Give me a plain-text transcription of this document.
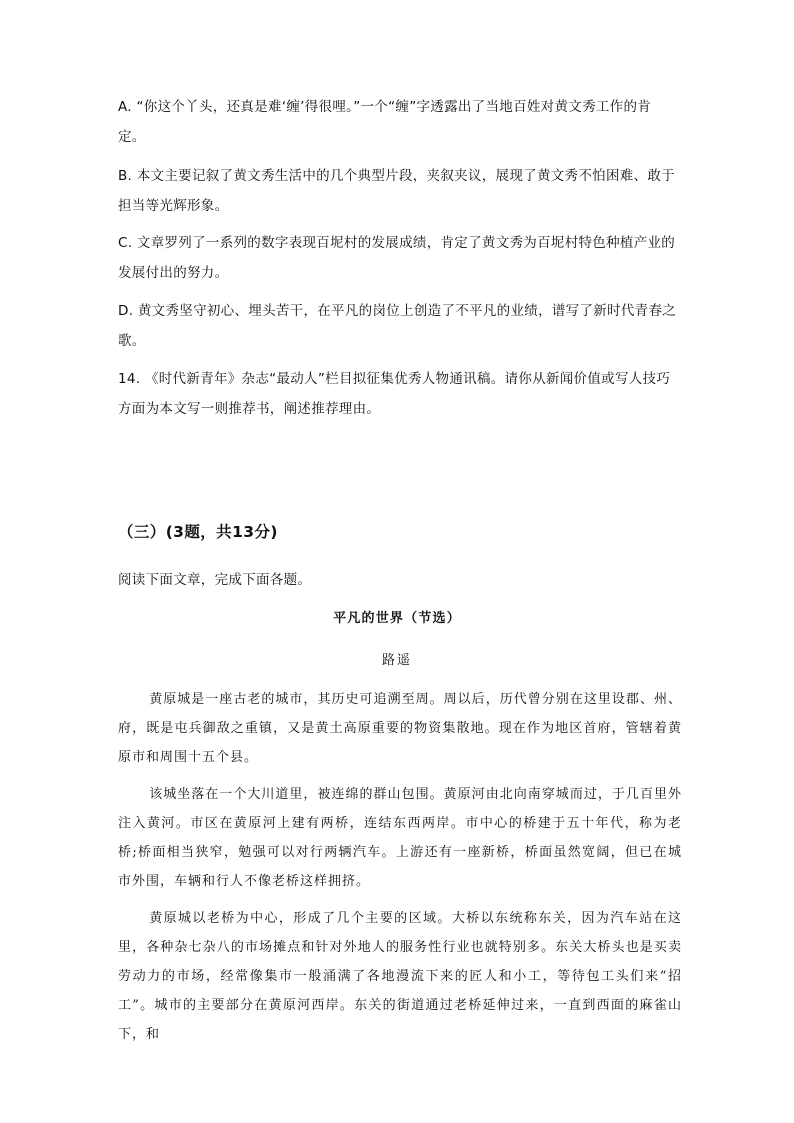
A. “你这个丫头，还真是难‘缠’得很哩。”一个“缠”字透露出了当地百姓对黄文秀工作的肯定。

B. 本文主要记叙了黄文秀生活中的几个典型片段，夹叙夹议，展现了黄文秀不怕困难、敢于担当等光辉形象。

C. 文章罗列了一系列的数字表现百坭村的发展成绩，肯定了黄文秀为百坭村特色种植产业的发展付出的努力。

D. 黄文秀坚守初心、埋头苦干，在平凡的岗位上创造了不平凡的业绩，谱写了新时代青春之歌。

14. 《时代新青年》杂志“最动人”栏目拟征集优秀人物通讯稿。请你从新闻价值或写人技巧方面为本文写一则推荐书，阐述推荐理由。

（三）(3题，共13分)

阅读下面文章，完成下面各题。

平凡的世界（节选）

路遥

黄原城是一座古老的城市，其历史可追溯至周。周以后，历代曾分别在这里设郡、州、府，既是屯兵御敌之重镇，又是黄土高原重要的物资集散地。现在作为地区首府，管辖着黄原市和周围十五个县。

该城坐落在一个大川道里，被连绵的群山包围。黄原河由北向南穿城而过，于几百里外注入黄河。市区在黄原河上建有两桥，连结东西两岸。市中心的桥建于五十年代，称为老桥;桥面相当狭窄，勉强可以对行两辆汽车。上游还有一座新桥，桥面虽然宽阔，但已在城市外围，车辆和行人不像老桥这样拥挤。

黄原城以老桥为中心，形成了几个主要的区域。大桥以东统称东关，因为汽车站在这里，各种杂七杂八的市场摊点和针对外地人的服务性行业也就特别多。东关大桥头也是买卖劳动力的市场，经常像集市一般涌满了各地漫流下来的匠人和小工，等待包工头们来“招工”。城市的主要部分在黄原河西岸。东关的街道通过老桥延伸过来，一直到西面的麻雀山下，和
